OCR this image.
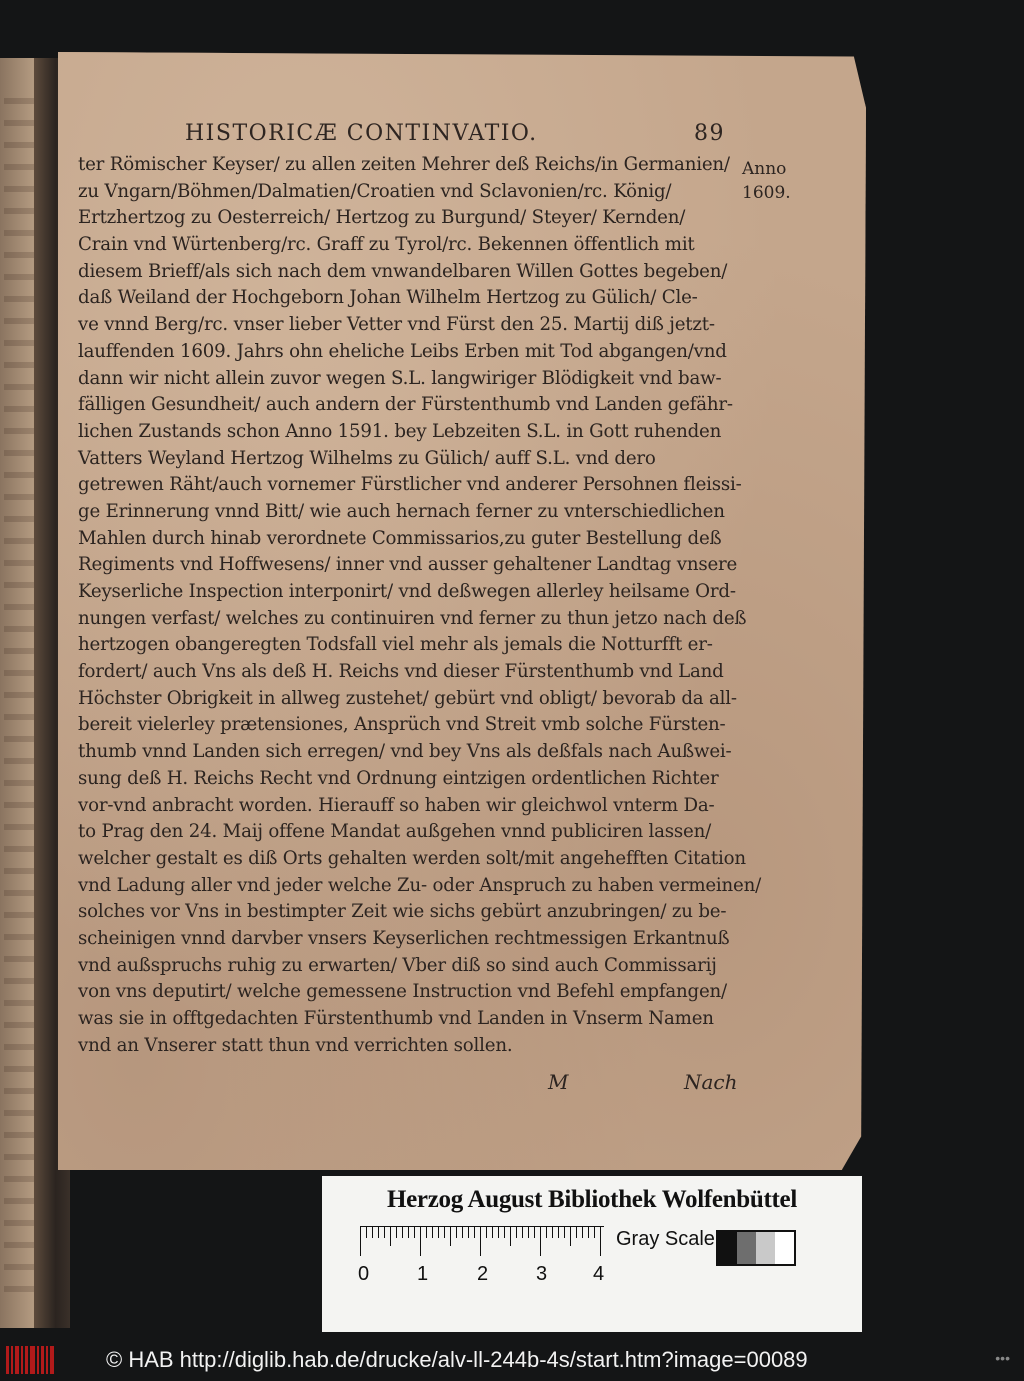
HISTORICÆ CONTINVATIO.	89
Anno
1609.
ter Römischer Keyser/ zu allen zeiten Mehrer deß Reichs/in Germanien/
zu Vngarn/Böhmen/Dalmatien/Croatien vnd Sclavonien/rc. König/
Ertzhertzog zu Oesterreich/ Hertzog zu Burgund/ Steyer/ Kernden/
Crain vnd Würtenberg/rc. Graff zu Tyrol/rc. Bekennen öffentlich mit
diesem Brieff/als sich nach dem vnwandelbaren Willen Gottes begeben/
daß Weiland der Hochgeborn Johan Wilhelm Hertzog zu Gülich/ Cle-
ve vnnd Berg/rc. vnser lieber Vetter vnd Fürst den 25. Martij diß jetzt-
lauffenden 1609. Jahrs ohn eheliche Leibs Erben mit Tod abgangen/vnd
dann wir nicht allein zuvor wegen S.L. langwiriger Blödigkeit vnd baw-
fälligen Gesundheit/ auch andern der Fürstenthumb vnd Landen gefähr-
lichen Zustands schon Anno 1591. bey Lebzeiten S.L. in Gott ruhenden
Vatters Weyland Hertzog Wilhelms zu Gülich/ auff S.L. vnd dero
getrewen Räht/auch vornemer Fürstlicher vnd anderer Persohnen fleissi-
ge Erinnerung vnnd Bitt/ wie auch hernach ferner zu vnterschiedlichen
Mahlen durch hinab verordnete Commissarios,zu guter Bestellung deß
Regiments vnd Hoffwesens/ inner vnd ausser gehaltener Landtag vnsere
Keyserliche Inspection interponirt/ vnd deßwegen allerley heilsame Ord-
nungen verfast/ welches zu continuiren vnd ferner zu thun jetzo nach deß
hertzogen obangeregten Todsfall viel mehr als jemals die Notturfft er-
fordert/ auch Vns als deß H. Reichs vnd dieser Fürstenthumb vnd Land
Höchster Obrigkeit in allweg zustehet/ gebürt vnd obligt/ bevorab da all-
bereit vielerley prætensiones, Ansprüch vnd Streit vmb solche Fürsten-
thumb vnnd Landen sich erregen/ vnd bey Vns als deßfals nach Außwei-
sung deß H. Reichs Recht vnd Ordnung eintzigen ordentlichen Richter
vor-vnd anbracht worden. Hierauff so haben wir gleichwol vnterm Da-
to Prag den 24. Maij offene Mandat außgehen vnnd publiciren lassen/
welcher gestalt es diß Orts gehalten werden solt/mit angehefften Citation
vnd Ladung aller vnd jeder welche Zu- oder Anspruch zu haben vermeinen/
solches vor Vns in bestimpter Zeit wie sichs gebürt anzubringen/ zu be-
scheinigen vnnd darvber vnsers Keyserlichen rechtmessigen Erkantnuß
vnd außspruchs ruhig zu erwarten/ Vber diß so sind auch Commissarij
von vns deputirt/ welche gemessene Instruction vnd Befehl empfangen/
was sie in offtgedachten Fürstenthumb vnd Landen in Vnserm Namen
vnd an Vnserer statt thun vnd verrichten sollen.
M	Nach
Herzog August Bibliothek Wolfenbüttel
0 1 2 3 4
Gray Scale
© HAB http://diglib.hab.de/drucke/alv-ll-244b-4s/start.htm?image=00089	•••
